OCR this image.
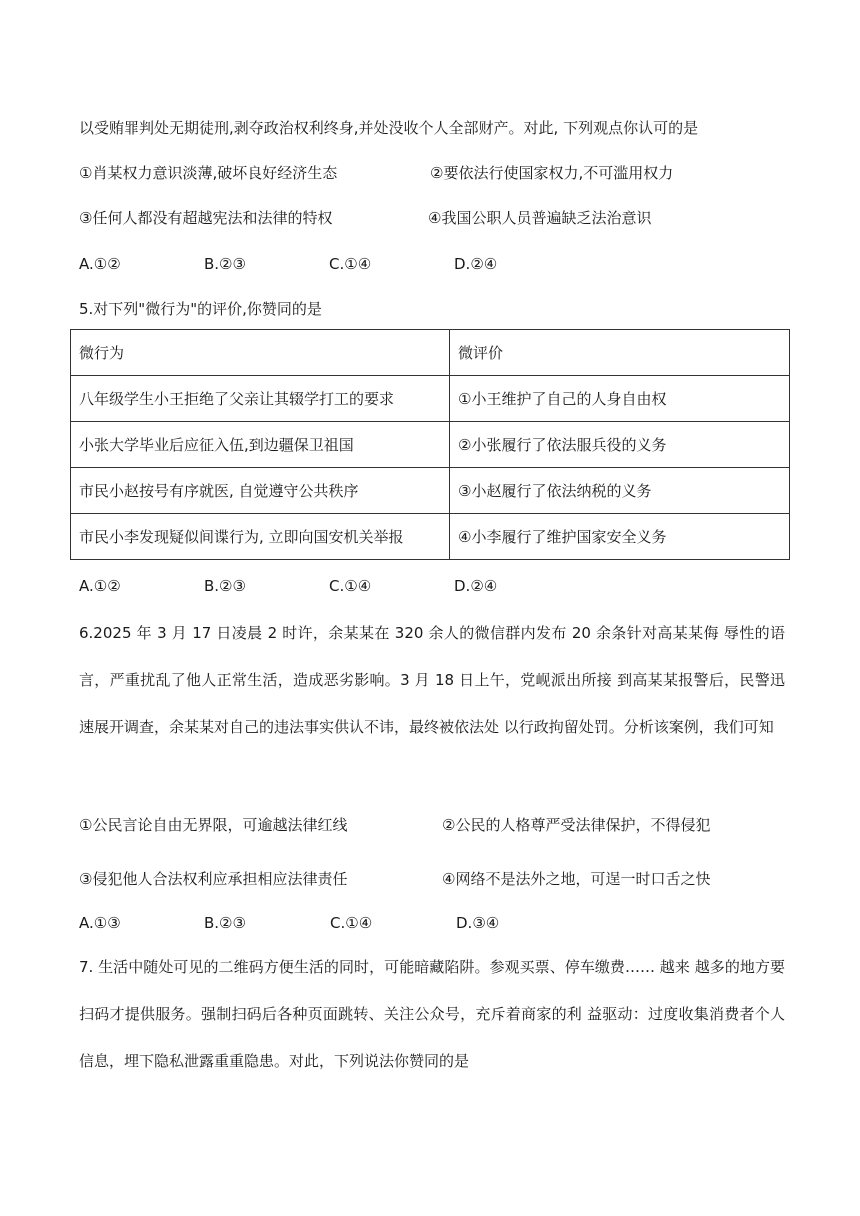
以受贿罪判处无期徒刑,剥夺政治权利终身,并处没收个人全部财产。对此, 下列观点你认可的是
①肖某权力意识淡薄,破坏良好经济生态	②要依法行使国家权力,不可滥用权力
③任何人都没有超越宪法和法律的特权	④我国公职人员普遍缺乏法治意识
A.①②	B.②③	C.①④	D.②④
5.对下列"微行为"的评价,你赞同的是
微行为	微评价
八年级学生小王拒绝了父亲让其辍学打工的要求	①小王维护了自己的人身自由权
小张大学毕业后应征入伍,到边疆保卫祖国	②小张履行了依法服兵役的义务
市民小赵按号有序就医, 自觉遵守公共秩序	③小赵履行了依法纳税的义务
市民小李发现疑似间谍行为, 立即向国安机关举报	④小李履行了维护国家安全义务
A.①②	B.②③	C.①④	D.②④
6.2025 年 3 月 17 日凌晨 2 时许，余某某在 320 余人的微信群内发布 20 余条针对高某某侮 辱性的语言，严重扰乱了他人正常生活，造成恶劣影响。3 月 18 日上午，党岘派出所接 到高某某报警后，民警迅速展开调查，余某某对自己的违法事实供认不讳，最终被依法处 以行政拘留处罚。分析该案例，我们可知
①公民言论自由无界限，可逾越法律红线	②公民的人格尊严受法律保护，不得侵犯
③侵犯他人合法权利应承担相应法律责任	④网络不是法外之地，可逞一时口舌之快
A.①③	B.②③	C.①④	D.③④
7. 生活中随处可见的二维码方便生活的同时，可能暗藏陷阱。参观买票、停车缴费…… 越来 越多的地方要扫码才提供服务。强制扫码后各种页面跳转、关注公众号，充斥着商家的利 益驱动：过度收集消费者个人信息，埋下隐私泄露重重隐患。对此，下列说法你赞同的是
